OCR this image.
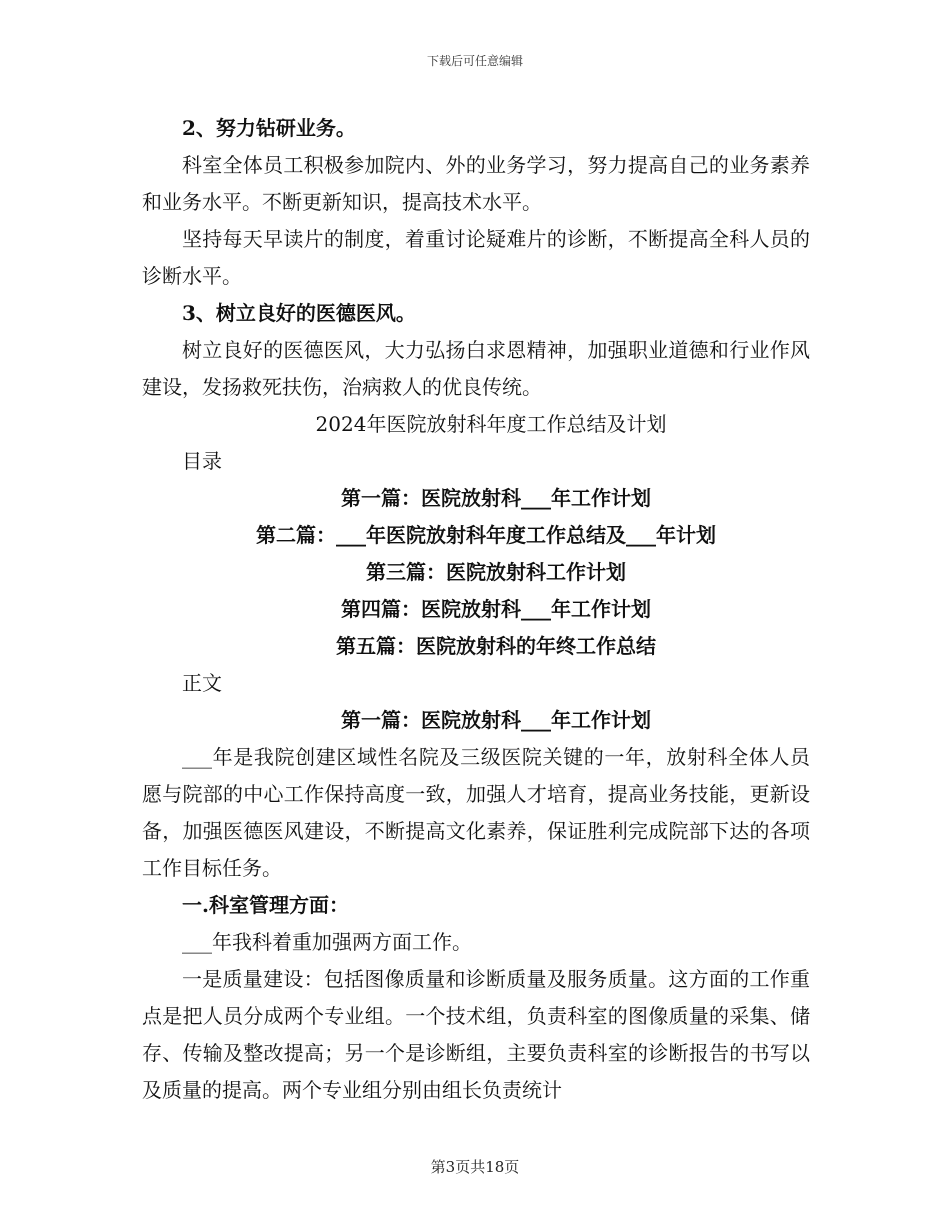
下载后可任意编辑

2、努力钻研业务。

科室全体员工积极参加院内、外的业务学习，努力提高自己的业务素养和业务水平。不断更新知识，提高技术水平。

坚持每天早读片的制度，着重讨论疑难片的诊断，不断提高全科人员的诊断水平。

3、树立良好的医德医风。

树立良好的医德医风，大力弘扬白求恩精神，加强职业道德和行业作风建设，发扬救死扶伤，治病救人的优良传统。

2024年医院放射科年度工作总结及计划

目录

第一篇：医院放射科___年工作计划

第二篇：___年医院放射科年度工作总结及___年计划

第三篇：医院放射科工作计划

第四篇：医院放射科___年工作计划

第五篇：医院放射科的年终工作总结

正文

第一篇：医院放射科___年工作计划

___年是我院创建区域性名院及三级医院关键的一年，放射科全体人员愿与院部的中心工作保持高度一致，加强人才培育，提高业务技能，更新设备，加强医德医风建设，不断提高文化素养，保证胜利完成院部下达的各项工作目标任务。

一.科室管理方面：

___年我科着重加强两方面工作。

一是质量建设：包括图像质量和诊断质量及服务质量。这方面的工作重点是把人员分成两个专业组。一个技术组，负责科室的图像质量的采集、储存、传输及整改提高；另一个是诊断组，主要负责科室的诊断报告的书写以及质量的提高。两个专业组分别由组长负责统计

第3页共18页
